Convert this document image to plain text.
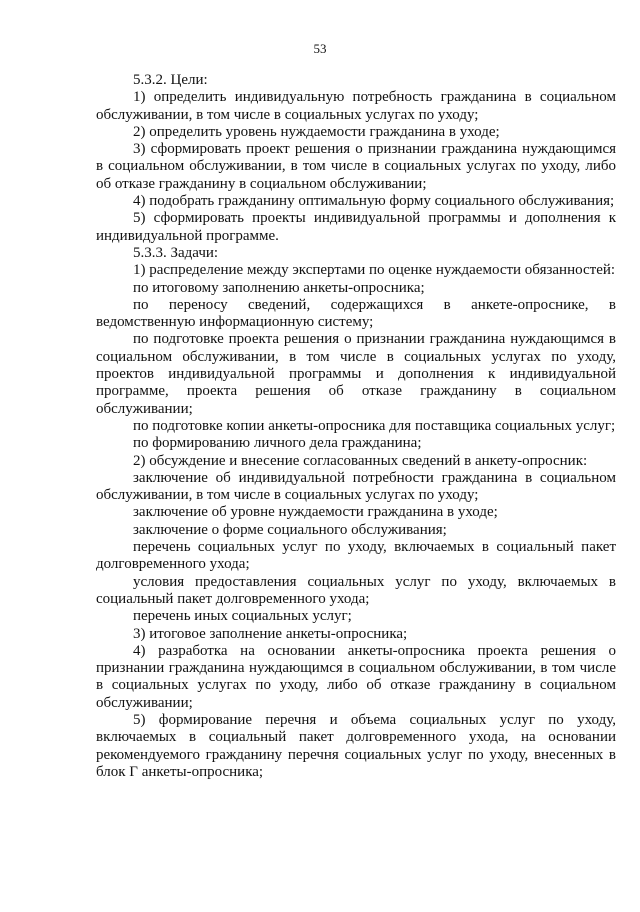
53

5.3.2. Цели:

1) определить индивидуальную потребность гражданина в социальном обслуживании, в том числе в социальных услугах по уходу;

2) определить уровень нуждаемости гражданина в уходе;

3) сформировать проект решения о признании гражданина нуждающимся в социальном обслуживании, в том числе в социальных услугах по уходу, либо об отказе гражданину в социальном обслуживании;

4) подобрать гражданину оптимальную форму социального обслуживания;

5) сформировать проекты индивидуальной программы и дополнения к индивидуальной программе.

5.3.3. Задачи:

1) распределение между экспертами по оценке нуждаемости обязанностей:

по итоговому заполнению анкеты-опросника;

по переносу сведений, содержащихся в анкете-опроснике, в ведомственную информационную систему;

по подготовке проекта решения о признании гражданина нуждающимся в социальном обслуживании, в том числе в социальных услугах по уходу, проектов индивидуальной программы и дополнения к индивидуальной программе, проекта решения об отказе гражданину в социальном обслуживании;

по подготовке копии анкеты-опросника для поставщика социальных услуг;

по формированию личного дела гражданина;

2) обсуждение и внесение согласованных сведений в анкету-опросник:

заключение об индивидуальной потребности гражданина в социальном обслуживании, в том числе в социальных услугах по уходу;

заключение об уровне нуждаемости гражданина в уходе;

заключение о форме социального обслуживания;

перечень социальных услуг по уходу, включаемых в социальный пакет долговременного ухода;

условия предоставления социальных услуг по уходу, включаемых в социальный пакет долговременного ухода;

перечень иных социальных услуг;

3) итоговое заполнение анкеты-опросника;

4) разработка на основании анкеты-опросника проекта решения о признании гражданина нуждающимся в социальном обслуживании, в том числе в социальных услугах по уходу, либо об отказе гражданину в социальном обслуживании;

5) формирование перечня и объема социальных услуг по уходу, включаемых в социальный пакет долговременного ухода, на основании рекомендуемого гражданину перечня социальных услуг по уходу, внесенных в блок Г анкеты-опросника;
